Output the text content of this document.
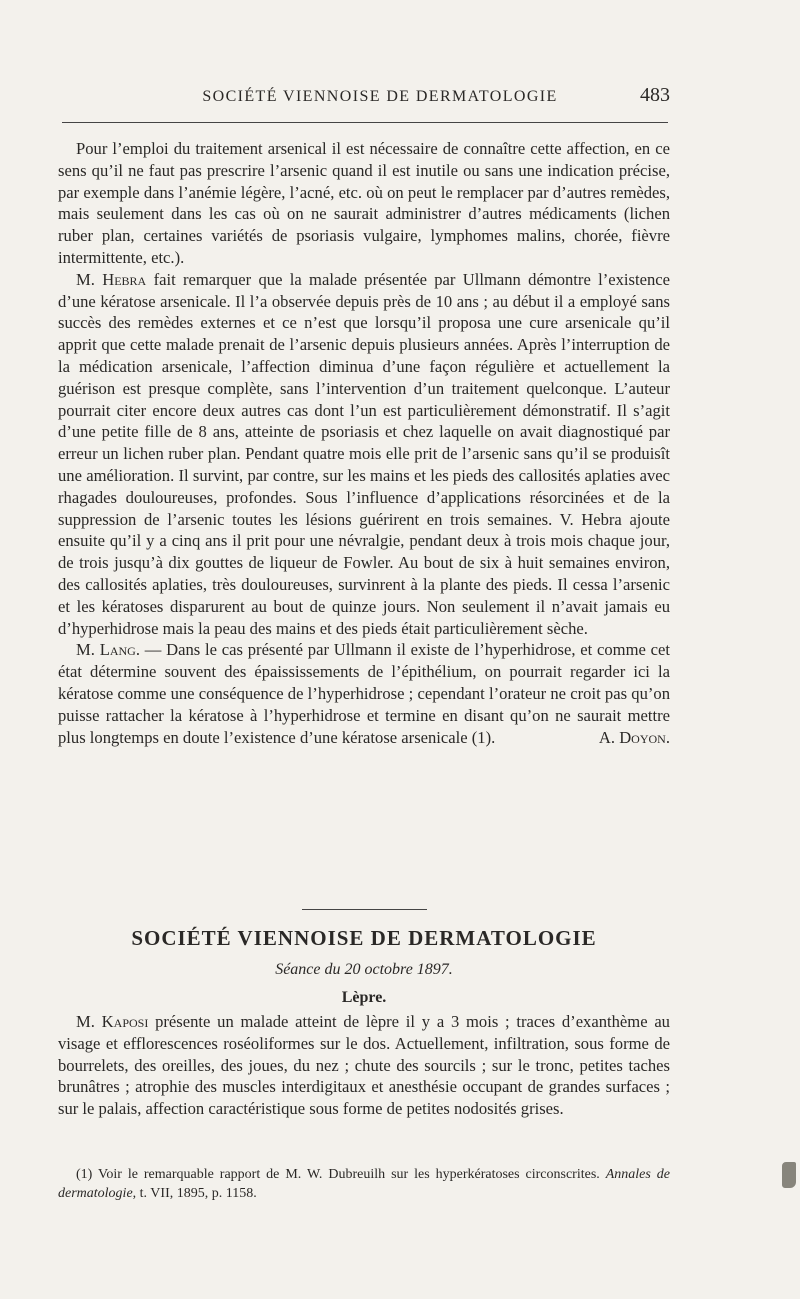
SOCIÉTÉ VIENNOISE DE DERMATOLOGIE	483

Pour l’emploi du traitement arsenical il est nécessaire de connaître cette affection, en ce sens qu’il ne faut pas prescrire l’arsenic quand il est inutile ou sans une indication précise, par exemple dans l’anémie légère, l’acné, etc. où on peut le remplacer par d’autres remèdes, mais seulement dans les cas où on ne saurait administrer d’autres médicaments (lichen ruber plan, certaines variétés de psoriasis vulgaire, lymphomes malins, chorée, fièvre intermittente, etc.).

M. Hebra fait remarquer que la malade présentée par Ullmann démontre l’existence d’une kératose arsenicale. Il l’a observée depuis près de 10 ans ; au début il a employé sans succès des remèdes externes et ce n’est que lorsqu’il proposa une cure arsenicale qu’il apprit que cette malade prenait de l’arsenic depuis plusieurs années. Après l’interruption de la médication arsenicale, l’affection diminua d’une façon régulière et actuellement la guérison est presque complète, sans l’intervention d’un traitement quelconque. L’auteur pourrait citer encore deux autres cas dont l’un est particulièrement démonstratif. Il s’agit d’une petite fille de 8 ans, atteinte de psoriasis et chez laquelle on avait diagnostiqué par erreur un lichen ruber plan. Pendant quatre mois elle prit de l’arsenic sans qu’il se produisît une amélioration. Il survint, par contre, sur les mains et les pieds des callosités aplaties avec rhagades douloureuses, profondes. Sous l’influence d’applications résorcinées et de la suppression de l’arsenic toutes les lésions guérirent en trois semaines. V. Hebra ajoute ensuite qu’il y a cinq ans il prit pour une névralgie, pendant deux à trois mois chaque jour, de trois jusqu’à dix gouttes de liqueur de Fowler. Au bout de six à huit semaines environ, des callosités aplaties, très douloureuses, survinrent à la plante des pieds. Il cessa l’arsenic et les kératoses disparurent au bout de quinze jours. Non seulement il n’avait jamais eu d’hyperhidrose mais la peau des mains et des pieds était particulièrement sèche.

M. Lang. — Dans le cas présenté par Ullmann il existe de l’hyperhidrose, et comme cet état détermine souvent des épaississements de l’épithélium, on pourrait regarder ici la kératose comme une conséquence de l’hyperhidrose ; cependant l’orateur ne croit pas qu’on puisse rattacher la kératose à l’hyperhidrose et termine en disant qu’on ne saurait mettre plus longtemps en doute l’existence d’une kératose arsenicale (1).	A. Doyon.

SOCIÉTÉ VIENNOISE DE DERMATOLOGIE

Séance du 20 octobre 1897.

Lèpre.

M. Kaposi présente un malade atteint de lèpre il y a 3 mois ; traces d’exanthème au visage et efflorescences roséoliformes sur le dos. Actuellement, infiltration, sous forme de bourrelets, des oreilles, des joues, du nez ; chute des sourcils ; sur le tronc, petites taches brunâtres ; atrophie des muscles interdigitaux et anesthésie occupant de grandes surfaces ; sur le palais, affection caractéristique sous forme de petites nodosités grises.

(1) Voir le remarquable rapport de M. W. Dubreuilh sur les hyperkératoses circonscrites. Annales de dermatologie, t. VII, 1895, p. 1158.
